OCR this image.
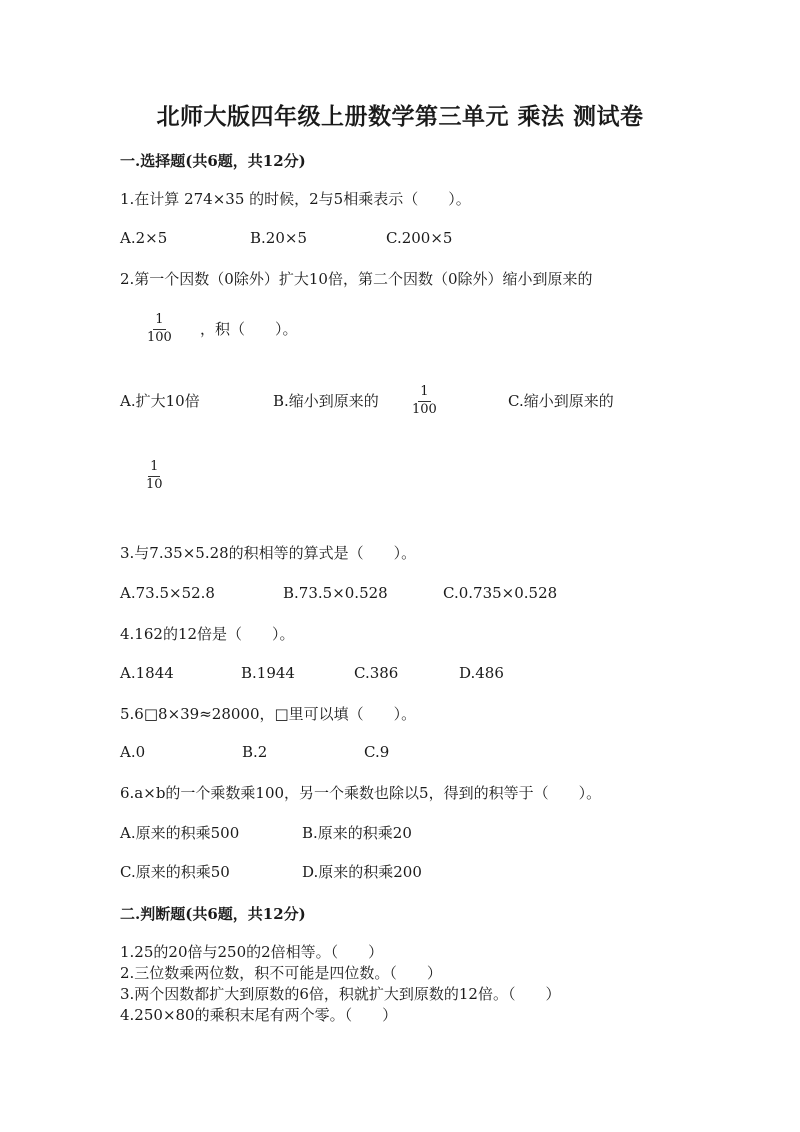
北师大版四年级上册数学第三单元 乘法 测试卷
一.选择题(共6题，共12分)
1.在计算 274×35 的时候，2与5相乘表示（　　）。
A.2×5	B.20×5	C.200×5
2.第一个因数（0除外）扩大10倍，第二个因数（0除外）缩小到原来的
$\frac{1}{100}$ ，积（　　）。
A.扩大10倍	B.缩小到原来的 $\frac{1}{100}$	C.缩小到原来的
$\frac{1}{10}$
3.与7.35×5.28的积相等的算式是（　　）。
A.73.5×52.8	B.73.5×0.528	C.0.735×0.528
4.162的12倍是（　　）。
A.1844	B.1944	C.386	D.486
5.6□8×39≈28000，□里可以填（　　）。
A.0	B.2	C.9
6.a×b的一个乘数乘100，另一个乘数也除以5，得到的积等于（　　）。
A.原来的积乘500	B.原来的积乘20
C.原来的积乘50	D.原来的积乘200
二.判断题(共6题，共12分)
1.25的20倍与250的2倍相等。（　　）
2.三位数乘两位数，积不可能是四位数。（　　）
3.两个因数都扩大到原数的6倍，积就扩大到原数的12倍。（　　）
4.250×80的乘积末尾有两个零。（　　）
